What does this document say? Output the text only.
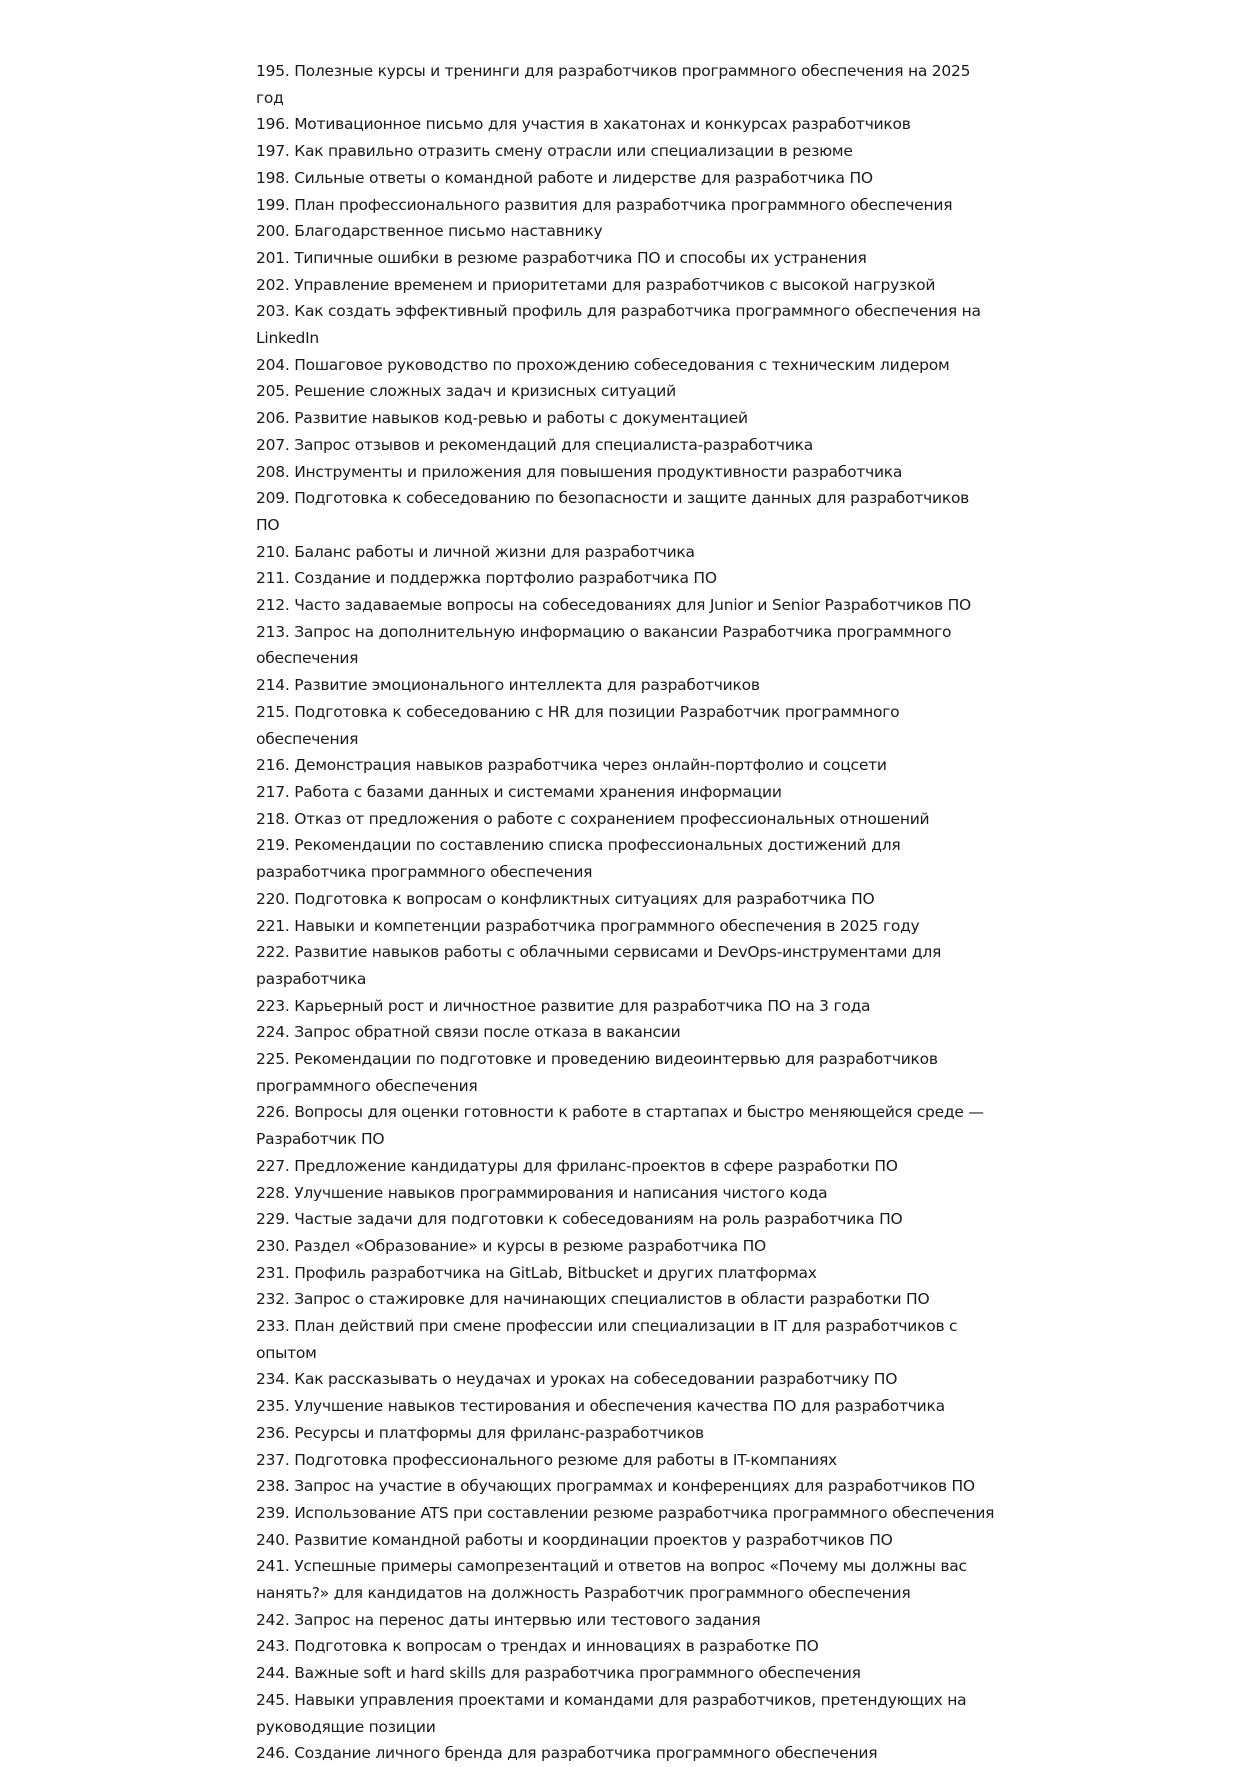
195. Полезные курсы и тренинги для разработчиков программного обеспечения на 2025 год
196. Мотивационное письмо для участия в хакатонах и конкурсах разработчиков
197. Как правильно отразить смену отрасли или специализации в резюме
198. Сильные ответы о командной работе и лидерстве для разработчика ПО
199. План профессионального развития для разработчика программного обеспечения
200. Благодарственное письмо наставнику
201. Типичные ошибки в резюме разработчика ПО и способы их устранения
202. Управление временем и приоритетами для разработчиков с высокой нагрузкой
203. Как создать эффективный профиль для разработчика программного обеспечения на LinkedIn
204. Пошаговое руководство по прохождению собеседования с техническим лидером
205. Решение сложных задач и кризисных ситуаций
206. Развитие навыков код-ревью и работы с документацией
207. Запрос отзывов и рекомендаций для специалиста-разработчика
208. Инструменты и приложения для повышения продуктивности разработчика
209. Подготовка к собеседованию по безопасности и защите данных для разработчиков ПО
210. Баланс работы и личной жизни для разработчика
211. Создание и поддержка портфолио разработчика ПО
212. Часто задаваемые вопросы на собеседованиях для Junior и Senior Разработчиков ПО
213. Запрос на дополнительную информацию о вакансии Разработчика программного обеспечения
214. Развитие эмоционального интеллекта для разработчиков
215. Подготовка к собеседованию с HR для позиции Разработчик программного обеспечения
216. Демонстрация навыков разработчика через онлайн-портфолио и соцсети
217. Работа с базами данных и системами хранения информации
218. Отказ от предложения о работе с сохранением профессиональных отношений
219. Рекомендации по составлению списка профессиональных достижений для разработчика программного обеспечения
220. Подготовка к вопросам о конфликтных ситуациях для разработчика ПО
221. Навыки и компетенции разработчика программного обеспечения в 2025 году
222. Развитие навыков работы с облачными сервисами и DevOps-инструментами для разработчика
223. Карьерный рост и личностное развитие для разработчика ПО на 3 года
224. Запрос обратной связи после отказа в вакансии
225. Рекомендации по подготовке и проведению видеоинтервью для разработчиков программного обеспечения
226. Вопросы для оценки готовности к работе в стартапах и быстро меняющейся среде — Разработчик ПО
227. Предложение кандидатуры для фриланс-проектов в сфере разработки ПО
228. Улучшение навыков программирования и написания чистого кода
229. Частые задачи для подготовки к собеседованиям на роль разработчика ПО
230. Раздел «Образование» и курсы в резюме разработчика ПО
231. Профиль разработчика на GitLab, Bitbucket и других платформах
232. Запрос о стажировке для начинающих специалистов в области разработки ПО
233. План действий при смене профессии или специализации в IT для разработчиков с опытом
234. Как рассказывать о неудачах и уроках на собеседовании разработчику ПО
235. Улучшение навыков тестирования и обеспечения качества ПО для разработчика
236. Ресурсы и платформы для фриланс-разработчиков
237. Подготовка профессионального резюме для работы в IT-компаниях
238. Запрос на участие в обучающих программах и конференциях для разработчиков ПО
239. Использование ATS при составлении резюме разработчика программного обеспечения
240. Развитие командной работы и координации проектов у разработчиков ПО
241. Успешные примеры самопрезентаций и ответов на вопрос «Почему мы должны вас нанять?» для кандидатов на должность Разработчик программного обеспечения
242. Запрос на перенос даты интервью или тестового задания
243. Подготовка к вопросам о трендах и инновациях в разработке ПО
244. Важные soft и hard skills для разработчика программного обеспечения
245. Навыки управления проектами и командами для разработчиков, претендующих на руководящие позиции
246. Создание личного бренда для разработчика программного обеспечения
